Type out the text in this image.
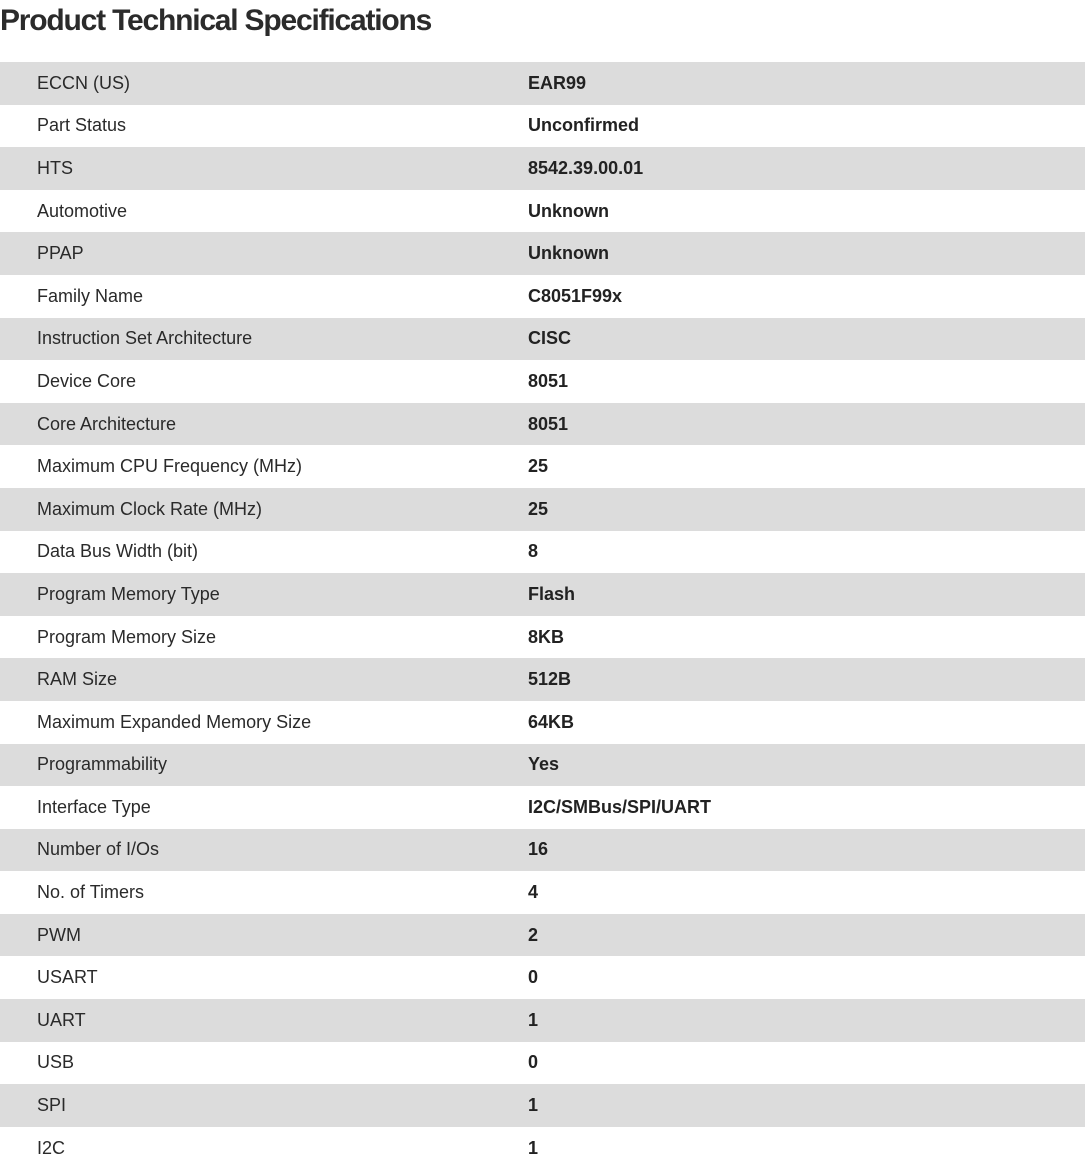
Product Technical Specifications
ECCN (US)	EAR99
Part Status	Unconfirmed
HTS	8542.39.00.01
Automotive	Unknown
PPAP	Unknown
Family Name	C8051F99x
Instruction Set Architecture	CISC
Device Core	8051
Core Architecture	8051
Maximum CPU Frequency (MHz)	25
Maximum Clock Rate (MHz)	25
Data Bus Width (bit)	8
Program Memory Type	Flash
Program Memory Size	8KB
RAM Size	512B
Maximum Expanded Memory Size	64KB
Programmability	Yes
Interface Type	I2C/SMBus/SPI/UART
Number of I/Os	16
No. of Timers	4
PWM	2
USART	0
UART	1
USB	0
SPI	1
I2C	1
